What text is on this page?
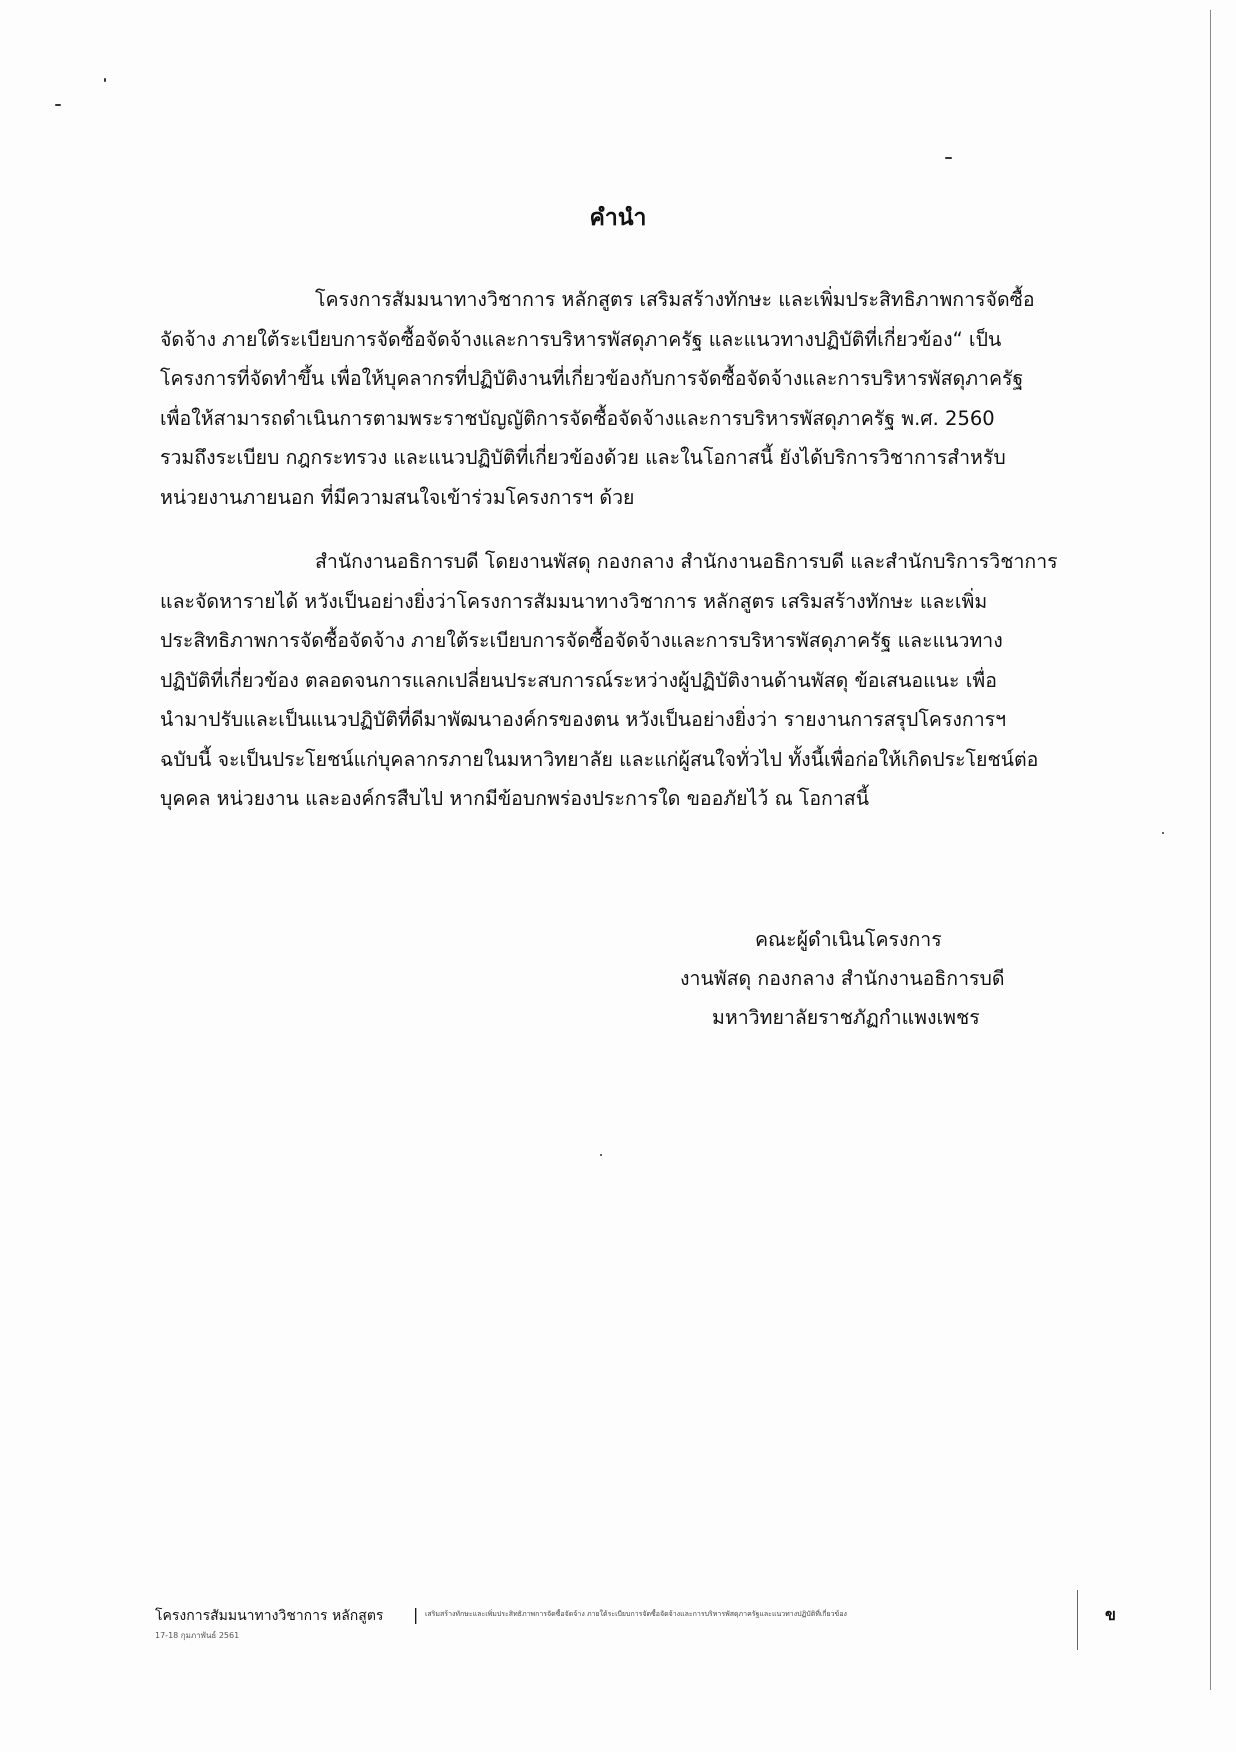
คำนำ
โครงการสัมมนาทางวิชาการ หลักสูตร เสริมสร้างทักษะ และเพิ่มประสิทธิภาพการจัดซื้อ
จัดจ้าง ภายใต้ระเบียบการจัดซื้อจัดจ้างและการบริหารพัสดุภาครัฐ และแนวทางปฏิบัติที่เกี่ยวข้อง“ เป็น
โครงการที่จัดทำขึ้น เพื่อให้บุคลากรที่ปฏิบัติงานที่เกี่ยวข้องกับการจัดซื้อจัดจ้างและการบริหารพัสดุภาครัฐ
เพื่อให้สามารถดำเนินการตามพระราชบัญญัติการจัดซื้อจัดจ้างและการบริหารพัสดุภาครัฐ พ.ศ. 2560
รวมถึงระเบียบ กฎกระทรวง และแนวปฏิบัติที่เกี่ยวข้องด้วย และในโอกาสนี้ ยังได้บริการวิชาการสำหรับ
หน่วยงานภายนอก ที่มีความสนใจเข้าร่วมโครงการฯ ด้วย
สำนักงานอธิการบดี โดยงานพัสดุ กองกลาง สำนักงานอธิการบดี และสำนักบริการวิชาการ
และจัดหารายได้ หวังเป็นอย่างยิ่งว่าโครงการสัมมนาทางวิชาการ หลักสูตร เสริมสร้างทักษะ และเพิ่ม
ประสิทธิภาพการจัดซื้อจัดจ้าง ภายใต้ระเบียบการจัดซื้อจัดจ้างและการบริหารพัสดุภาครัฐ และแนวทาง
ปฏิบัติที่เกี่ยวข้อง ตลอดจนการแลกเปลี่ยนประสบการณ์ระหว่างผู้ปฏิบัติงานด้านพัสดุ ข้อเสนอแนะ เพื่อ
นำมาปรับและเป็นแนวปฏิบัติที่ดีมาพัฒนาองค์กรของตน หวังเป็นอย่างยิ่งว่า รายงานการสรุปโครงการฯ
ฉบับนี้ จะเป็นประโยชน์แก่บุคลากรภายในมหาวิทยาลัย และแก่ผู้สนใจทั่วไป ทั้งนี้เพื่อก่อให้เกิดประโยชน์ต่อ
บุคคล หน่วยงาน และองค์กรสืบไป หากมีข้อบกพร่องประการใด ขออภัยไว้ ณ โอกาสนี้
คณะผู้ดำเนินโครงการ
งานพัสดุ กองกลาง สำนักงานอธิการบดี
มหาวิทยาลัยราชภัฏกำแพงเพชร
โครงการสัมมนาทางวิชาการ หลักสูตร | เสริมสร้างทักษะและเพิ่มประสิทธิภาพการจัดซื้อจัดจ้าง ภายใต้ระเบียบการจัดซื้อจัดจ้างและการบริหารพัสดุภาครัฐและแนวทางปฏิบัติที่เกี่ยวข้อง
17-18 กุมภาพันธ์ 2561
ข
